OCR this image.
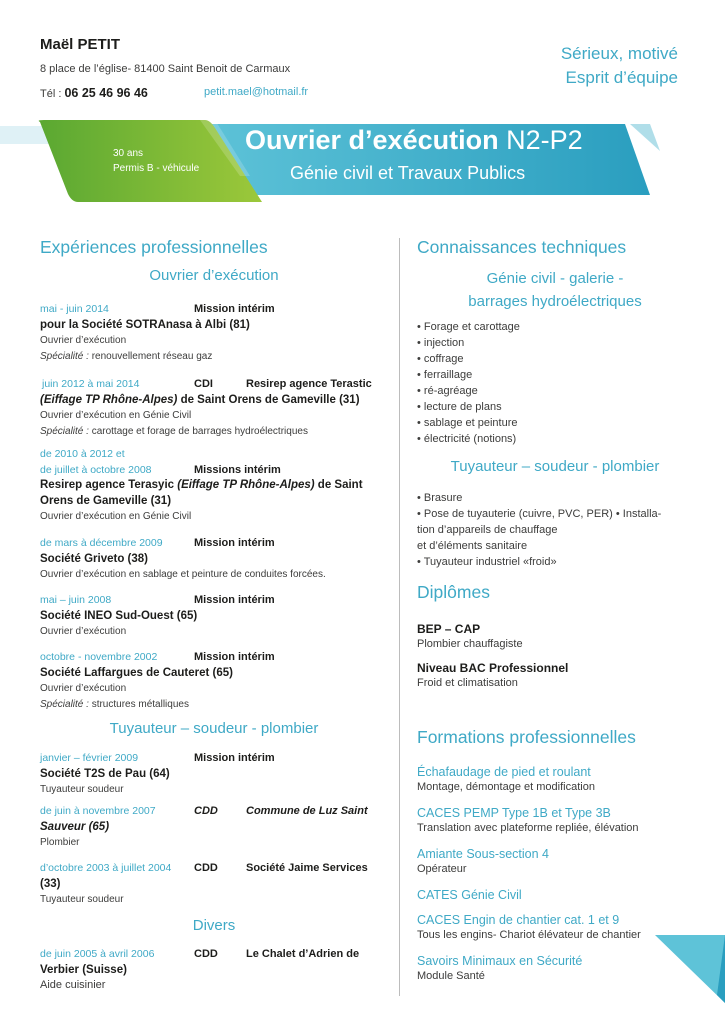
Maël PETIT
8 place de l’église- 81400 Saint Benoit de Carmaux
Tél : 06 25 46 96 46	petit.mael@hotmail.fr
Sérieux, motivé
Esprit d’équipe
Ouvrier d’exécution N2-P2
Génie civil et Travaux Publics
30 ans
Permis B - véhicule
Expériences professionnelles
Ouvrier d’exécution
mai - juin 2014	Mission intérim
pour la Société SOTRAnasa à Albi (81)
Ouvrier d’exécution
Spécialité : renouvellement réseau gaz
juin 2012 à mai 2014	CDI	Resirep agence Terastic
(Eiffage TP Rhône-Alpes) de Saint Orens de Gameville (31)
Ouvrier d’exécution en Génie Civil
Spécialité : carottage et forage de barrages hydroélectriques
de 2010 à 2012 et
de juillet à octobre 2008	Missions intérim
Resirep agence Terasyic (Eiffage TP Rhône-Alpes) de Saint
Orens de Gameville (31)
Ouvrier d’exécution en Génie Civil
de mars à décembre 2009	Mission intérim
Société Griveto (38)
Ouvrier d’exécution en sablage et peinture de conduites forcées.
mai – juin 2008	Mission intérim
Société INEO Sud-Ouest (65)
Ouvrier d’exécution
octobre - novembre 2002	Mission intérim
Société Laffargues de Cauteret (65)
Ouvrier d’exécution
Spécialité : structures métalliques
Tuyauteur – soudeur - plombier
janvier – février 2009	Mission intérim
Société T2S de Pau (64)
Tuyauteur soudeur
de juin à novembre 2007	CDD	Commune de Luz Saint
Sauveur (65)
Plombier
d’octobre 2003 à juillet 2004 CDD	Société Jaime Services
(33)
Tuyauteur soudeur
Divers
de juin 2005 à avril 2006	CDD	Le Chalet d’Adrien de
Verbier (Suisse)
Aide cuisinier
Connaissances techniques
Génie civil - galerie -
barrages hydroélectriques
• Forage et carottage
• injection
• coffrage
• ferraillage
• ré-agréage
• lecture de plans
• sablage et peinture
• électricité (notions)
Tuyauteur – soudeur - plombier
• Brasure
• Pose de tuyauterie (cuivre, PVC, PER) • Installa-
tion d’appareils de chauffage
et d’éléments sanitaire
• Tuyauteur industriel «froid»
Diplômes
BEP – CAP
Plombier chauffagiste
Niveau BAC Professionnel
Froid et climatisation
Formations professionnelles
Échafaudage de pied et roulant
Montage, démontage et modification
CACES PEMP Type 1B et Type 3B
Translation avec plateforme repliée, élévation
Amiante Sous-section 4
Opérateur
CATES Génie Civil
CACES Engin de chantier cat. 1 et 9
Tous les engins- Chariot élévateur de chantier
Savoirs Minimaux en Sécurité
Module Santé
